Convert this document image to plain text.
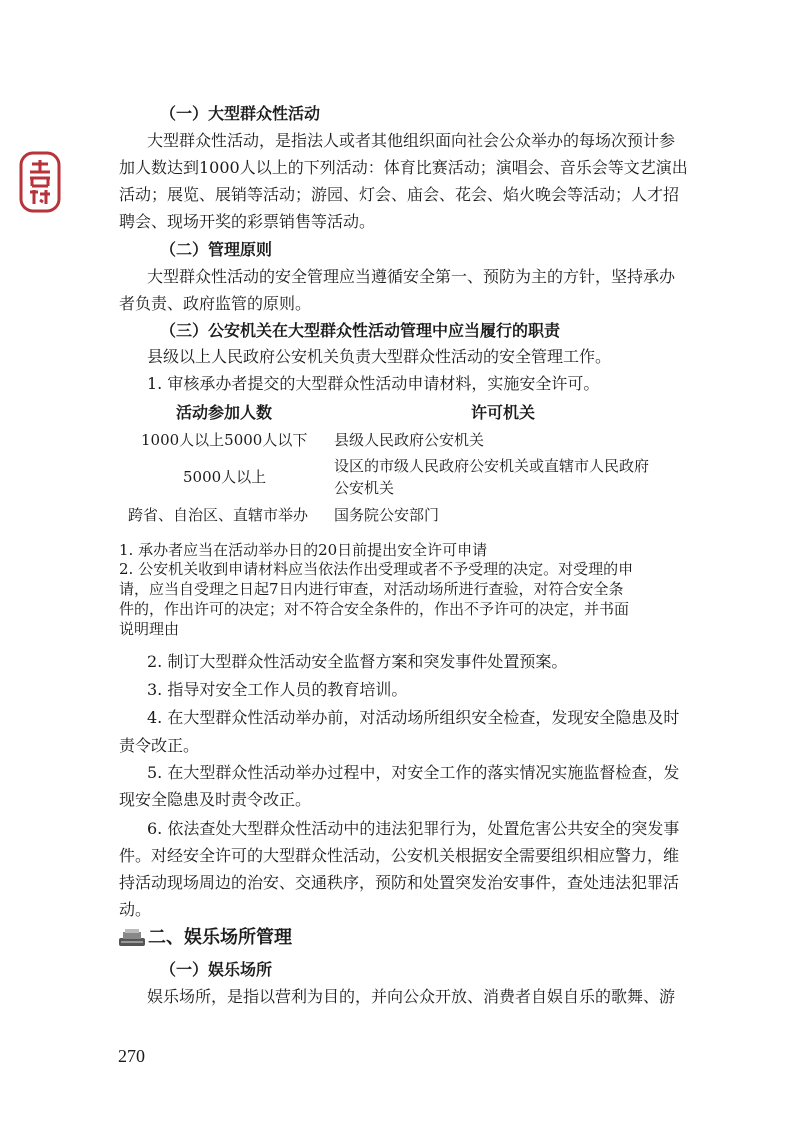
（一）大型群众性活动
大型群众性活动，是指法人或者其他组织面向社会公众举办的每场次预计参
加人数达到1000人以上的下列活动：体育比赛活动；演唱会、音乐会等文艺演出
活动；展览、展销等活动；游园、灯会、庙会、花会、焰火晚会等活动；人才招
聘会、现场开奖的彩票销售等活动。
（二）管理原则
大型群众性活动的安全管理应当遵循安全第一、预防为主的方针，坚持承办
者负责、政府监管的原则。
（三）公安机关在大型群众性活动管理中应当履行的职责
县级以上人民政府公安机关负责大型群众性活动的安全管理工作。
1. 审核承办者提交的大型群众性活动申请材料，实施安全许可。
活动参加人数	许可机关
1000人以上5000人以下 县级人民政府公安机关
5000人以上
设区的市级人民政府公安机关或直辖市人民政府
公安机关
跨省、自治区、直辖市举办 国务院公安部门
1. 承办者应当在活动举办日的20日前提出安全许可申请
2. 公安机关收到申请材料应当依法作出受理或者不予受理的决定。对受理的申
请，应当自受理之日起7日内进行审查，对活动场所进行查验，对符合安全条
件的，作出许可的决定；对不符合安全条件的，作出不予许可的决定，并书面
说明理由
2. 制订大型群众性活动安全监督方案和突发事件处置预案。
3. 指导对安全工作人员的教育培训。
4. 在大型群众性活动举办前，对活动场所组织安全检查，发现安全隐患及时
责令改正。
5. 在大型群众性活动举办过程中，对安全工作的落实情况实施监督检查，发
现安全隐患及时责令改正。
6. 依法查处大型群众性活动中的违法犯罪行为，处置危害公共安全的突发事
件。对经安全许可的大型群众性活动，公安机关根据安全需要组织相应警力，维
持活动现场周边的治安、交通秩序，预防和处置突发治安事件，查处违法犯罪活
动。
二、娱乐场所管理
（一）娱乐场所
娱乐场所，是指以营利为目的，并向公众开放、消费者自娱自乐的歌舞、游
270
